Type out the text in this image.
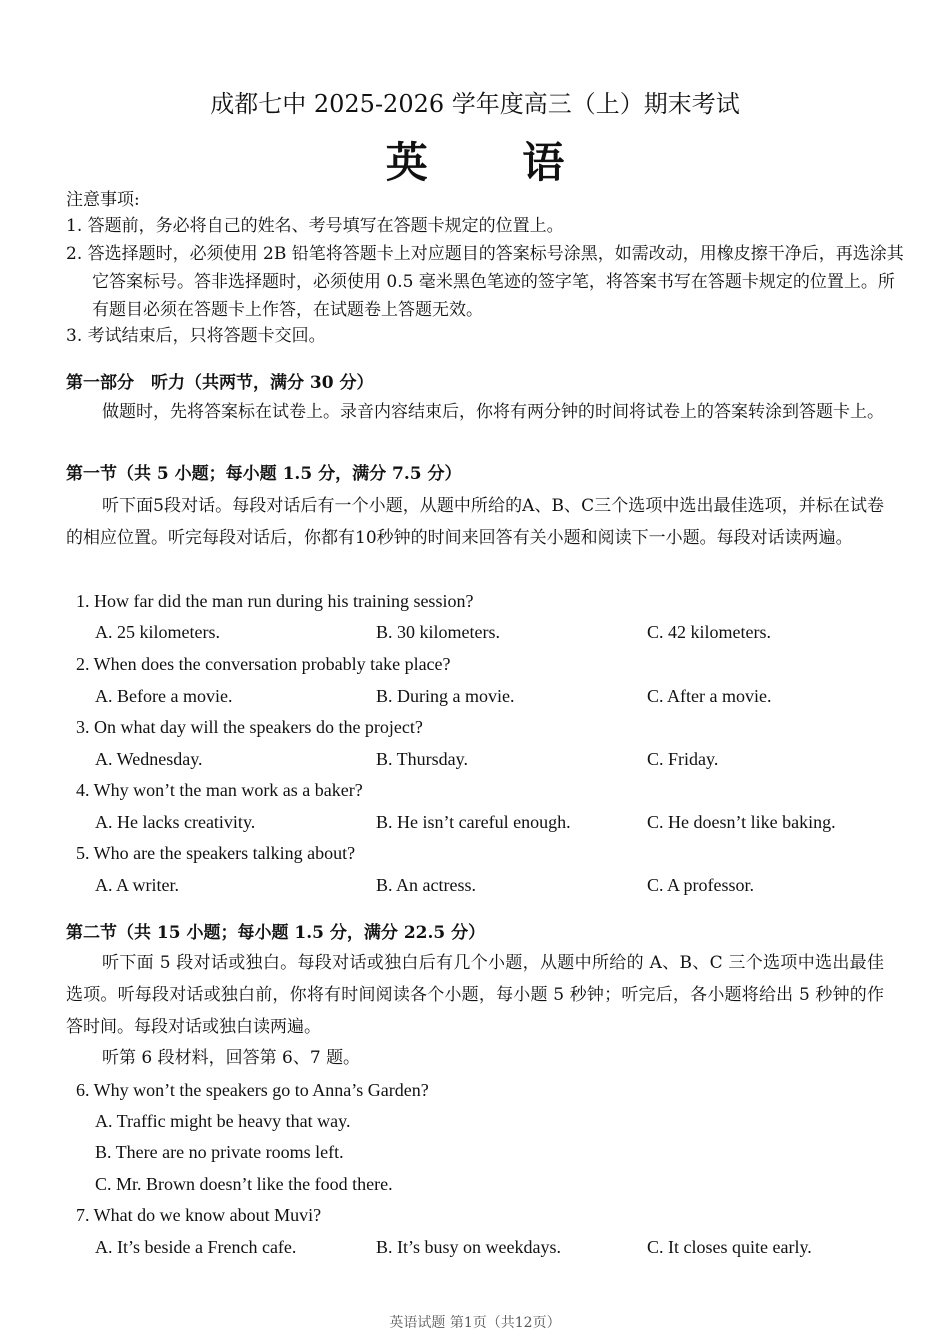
成都七中 2025-2026 学年度高三（上）期末考试
英 语
注意事项:
1. 答题前，务必将自己的姓名、考号填写在答题卡规定的位置上。
2. 答选择题时，必须使用 2B 铅笔将答题卡上对应题目的答案标号涂黑，如需改动，用橡皮擦干净后，再选涂其它答案标号。答非选择题时，必须使用 0.5 毫米黑色笔迹的签字笔，将答案书写在答题卡规定的位置上。所有题目必须在答题卡上作答，在试题卷上答题无效。
3. 考试结束后，只将答题卡交回。
第一部分　听力（共两节，满分 30 分）
做题时，先将答案标在试卷上。录音内容结束后，你将有两分钟的时间将试卷上的答案转涂到答题卡上。
第一节（共 5 小题；每小题 1.5 分，满分 7.5 分）
听下面5段对话。每段对话后有一个小题，从题中所给的A、B、C三个选项中选出最佳选项，并标在试卷的相应位置。听完每段对话后，你都有10秒钟的时间来回答有关小题和阅读下一小题。每段对话读两遍。
1. How far did the man run during his training session?
A. 25 kilometers.	B. 30 kilometers.	C. 42 kilometers.
2. When does the conversation probably take place?
A. Before a movie.	B. During a movie.	C. After a movie.
3. On what day will the speakers do the project?
A. Wednesday.	B. Thursday.	C. Friday.
4. Why won’t the man work as a baker?
A. He lacks creativity.	B. He isn’t careful enough.	C. He doesn’t like baking.
5. Who are the speakers talking about?
A. A writer.	B. An actress.	C. A professor.
第二节（共 15 小题；每小题 1.5 分，满分 22.5 分）
听下面 5 段对话或独白。每段对话或独白后有几个小题，从题中所给的 A、B、C 三个选项中选出最佳选项。听每段对话或独白前，你将有时间阅读各个小题，每小题 5 秒钟；听完后，各小题将给出 5 秒钟的作答时间。每段对话或独白读两遍。
听第 6 段材料，回答第 6、7 题。
6. Why won’t the speakers go to Anna’s Garden?
A. Traffic might be heavy that way.
B. There are no private rooms left.
C. Mr. Brown doesn’t like the food there.
7. What do we know about Muvi?
A. It’s beside a French cafe.	B. It’s busy on weekdays.	C. It closes quite early.
英语试题 第1页（共12页）
